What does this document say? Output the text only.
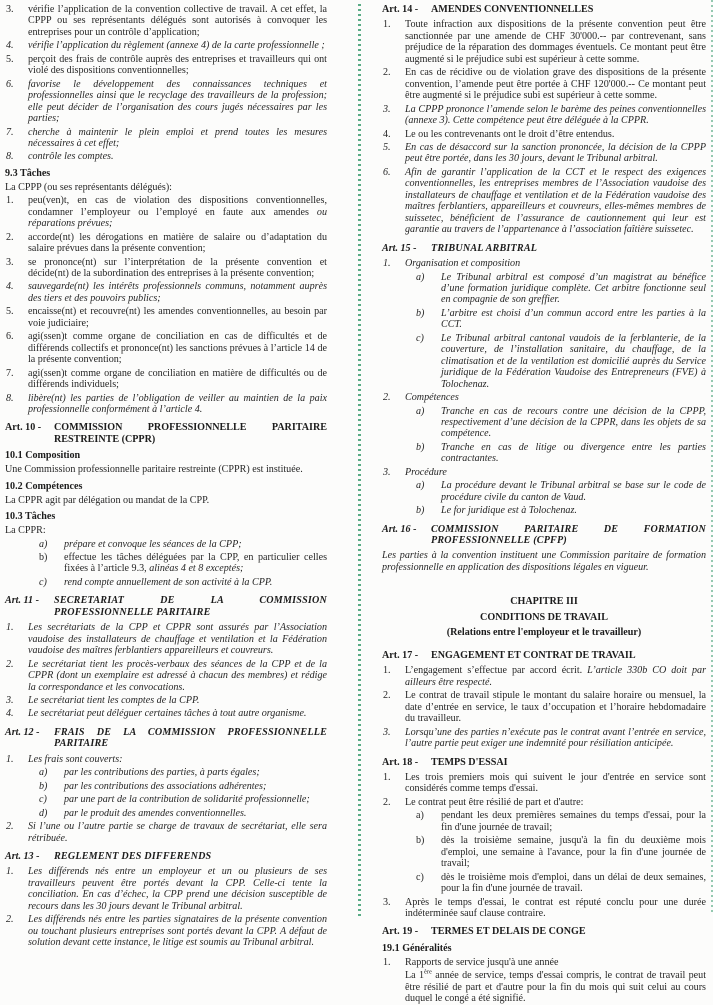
3. vérifie l’application de la convention collective de travail. A cet effet, la CPPP ou ses représentants délégués sont autorisés à convoquer les entreprises pour un contrôle d’application;
4. vérifie l’application du règlement (annexe 4) de la carte professionnelle ;
5. perçoit des frais de contrôle auprès des entreprises et travailleurs qui ont violé des dispositions conventionnelles;
6. favorise le développement des connaissances techniques et professionnelles ainsi que le recyclage des travailleurs de la profession; elle peut décider de l’organisation des cours jugés nécessaires par les parties;
7. cherche à maintenir le plein emploi et prend toutes les mesures nécessaires à cet effet;
8. contrôle les comptes.
9.3 Tâches
La CPPP (ou ses représentants délégués):
1. peu(ven)t, en cas de violation des dispositions conventionnelles, condamner l’employeur ou l’employé en faute aux amendes ou réparations prévues;
2. accorde(nt) les dérogations en matière de salaire ou d’adaptation du salaire prévues dans la présente convention;
3. se prononce(nt) sur l’interprétation de la présente convention et décide(nt) de la subordination des entreprises à la présente convention;
4. sauvegarde(nt) les intérêts professionnels communs, notamment auprès des tiers et des pouvoirs publics;
5. encaisse(nt) et recouvre(nt) les amendes conventionnelles, au besoin par voie judiciaire;
6. agi(ssen)t comme organe de conciliation en cas de difficultés et de différends collectifs et prononce(nt) les sanctions prévues à l’article 14 de la présente convention;
7. agi(ssen)t comme organe de conciliation en matière de difficultés ou de différends individuels;
8. libère(nt) les parties de l’obligation de veiller au maintien de la paix professionnelle conformément à l’article 4.
Art. 10 -	COMMISSION PROFESSIONNELLE PARITAIRE RESTREINTE (CPPR)
10.1 Composition
Une Commission professionnelle paritaire restreinte (CPPR) est instituée.
10.2 Compétences
La CPPR agit par délégation ou mandat de la CPP.
10.3 Tâches
La CPPR:
a) prépare et convoque les séances de la CPP;
b) effectue les tâches déléguées par la CPP, en particulier celles fixées à l’article 9.3, alinéas 4 et 8 exceptés;
c) rend compte annuellement de son activité à la CPP.
Art. 11 -	SECRETARIAT DE LA COMMISSION PROFESSIONNELLE PARITAIRE
1. Les secrétariats de la CPP et CPPR sont assurés par l’Association vaudoise des installateurs de chauffage et ventilation et la Fédération vaudoise des maîtres ferblantiers appareilleurs et couvreurs.
2. Le secrétariat tient les procès-verbaux des séances de la CPP et de la CPPR (dont un exemplaire est adressé à chacun des membres) et rédige la correspondance et les convocations.
3. Le secrétariat tient les comptes de la CPP.
4. Le secrétariat peut déléguer certaines tâches à tout autre organisme.
Art. 12 -	FRAIS DE LA COMMISSION PROFESSIONNELLE PARITAIRE
1. Les frais sont couverts:
a) par les contributions des parties, à parts égales;
b) par les contributions des associations adhérentes;
c) par une part de la contribution de solidarité professionnelle;
d) par le produit des amendes conventionnelles.
2. Si l’une ou l’autre partie se charge de travaux de secrétariat, elle sera rétribuée.
Art. 13 -	REGLEMENT DES DIFFERENDS
1. Les différends nés entre un employeur et un ou plusieurs de ses travailleurs peuvent être portés devant la CPP. Celle-ci tente la conciliation. En cas d’échec, la CPP prend une décision susceptible de recours dans les 30 jours devant le Tribunal arbitral.
2. Les différends nés entre les parties signataires de la présente convention ou touchant plusieurs entreprises sont portés devant la CPP. A défaut de solution devant cette instance, le litige est soumis au Tribunal arbitral.
Art. 14 -	AMENDES CONVENTIONNELLES
1. Toute infraction aux dispositions de la présente convention peut être sanctionnée par une amende de CHF 30'000.-- par contrevenant, sans préjudice de la réparation des dommages éventuels. Ce montant peut être augmenté si le préjudice subi est supérieur à cette somme.
2. En cas de récidive ou de violation grave des dispositions de la présente convention, l’amende peut être portée à CHF 120'000.-- Ce montant peut être augmenté si le préjudice subi est supérieur à cette somme.
3. La CPPP prononce l’amende selon le barème des peines conventionnelles (annexe 3). Cette compétence peut être déléguée à la CPPR.
4. Le ou les contrevenants ont le droit d’être entendus.
5. En cas de désaccord sur la sanction prononcée, la décision de la CPPP peut être portée, dans les 30 jours, devant le Tribunal arbitral.
6. Afin de garantir l’application de la CCT et le respect des exigences conventionnelles, les entreprises membres de l’Association vaudoise des installateurs de chauffage et ventilation et de la Fédération vaudoise des maîtres ferblantiers, appareilleurs et couvreurs, elles-mêmes membres de suissetec, bénéficient de l’assurance de cautionnement qui leur est garantie au travers de l’appartenance à l’association faîtière suissetec.
Art. 15 -	TRIBUNAL ARBITRAL
1. Organisation et composition
a) Le Tribunal arbitral est composé d’un magistrat au bénéfice d’une formation juridique complète. Cet arbitre fonctionne seul en compagnie de son greffier.
b) L’arbitre est choisi d’un commun accord entre les parties à la CCT.
c) Le Tribunal arbitral cantonal vaudois de la ferblanterie, de la couverture, de l’installation sanitaire, du chauffage, de la climatisation et de la ventilation est domicilié auprès du Service juridique de la Fédération Vaudoise des Entrepreneurs (FVE) à Tolochenaz.
2. Compétences
a) Tranche en cas de recours contre une décision de la CPPP, respectivement d’une décision de la CPPR, dans les objets de sa compétence.
b) Tranche en cas de litige ou divergence entre les parties contractantes.
3. Procédure
a) La procédure devant le Tribunal arbitral se base sur le code de procédure civile du canton de Vaud.
b) Le for juridique est à Tolochenaz.
Art. 16 -	COMMISSION PARITAIRE DE FORMATION PROFESSIONNELLE (CPFP)
Les parties à la convention instituent une Commission paritaire de formation professionnelle en application des dispositions légales en vigueur.
CHAPITRE III
CONDITIONS DE TRAVAIL
(Relations entre l'employeur et le travailleur)
Art. 17 -	ENGAGEMENT ET CONTRAT DE TRAVAIL
1. L’engagement s’effectue par accord écrit. L’article 330b CO doit par ailleurs être respecté.
2. Le contrat de travail stipule le montant du salaire horaire ou mensuel, la date d’entrée en service, le taux d’occupation et l’horaire hebdomadaire du travailleur.
3. Lorsqu’une des parties n’exécute pas le contrat avant l’entrée en service, l’autre partie peut exiger une indemnité pour résiliation anticipée.
Art. 18 -	TEMPS D'ESSAI
1. Les trois premiers mois qui suivent le jour d'entrée en service sont considérés comme temps d'essai.
2. Le contrat peut être résilié de part et d'autre:
a) pendant les deux premières semaines du temps d'essai, pour la fin d'une journée de travail;
b) dès la troisième semaine, jusqu'à la fin du deuxième mois d'emploi, une semaine à l'avance, pour la fin d'une journée de travail;
c) dès le troisième mois d'emploi, dans un délai de deux semaines, pour la fin d'une journée de travail.
3. Après le temps d'essai, le contrat est réputé conclu pour une durée indéterminée sauf clause contraire.
Art. 19 -	TERMES ET DELAIS DE CONGE
19.1 Généralités
1. Rapports de service jusqu'à une année
La 1ère année de service, temps d'essai compris, le contrat de travail peut être résilié de part et d'autre pour la fin du mois qui suit celui au cours duquel le congé a été signifié.
